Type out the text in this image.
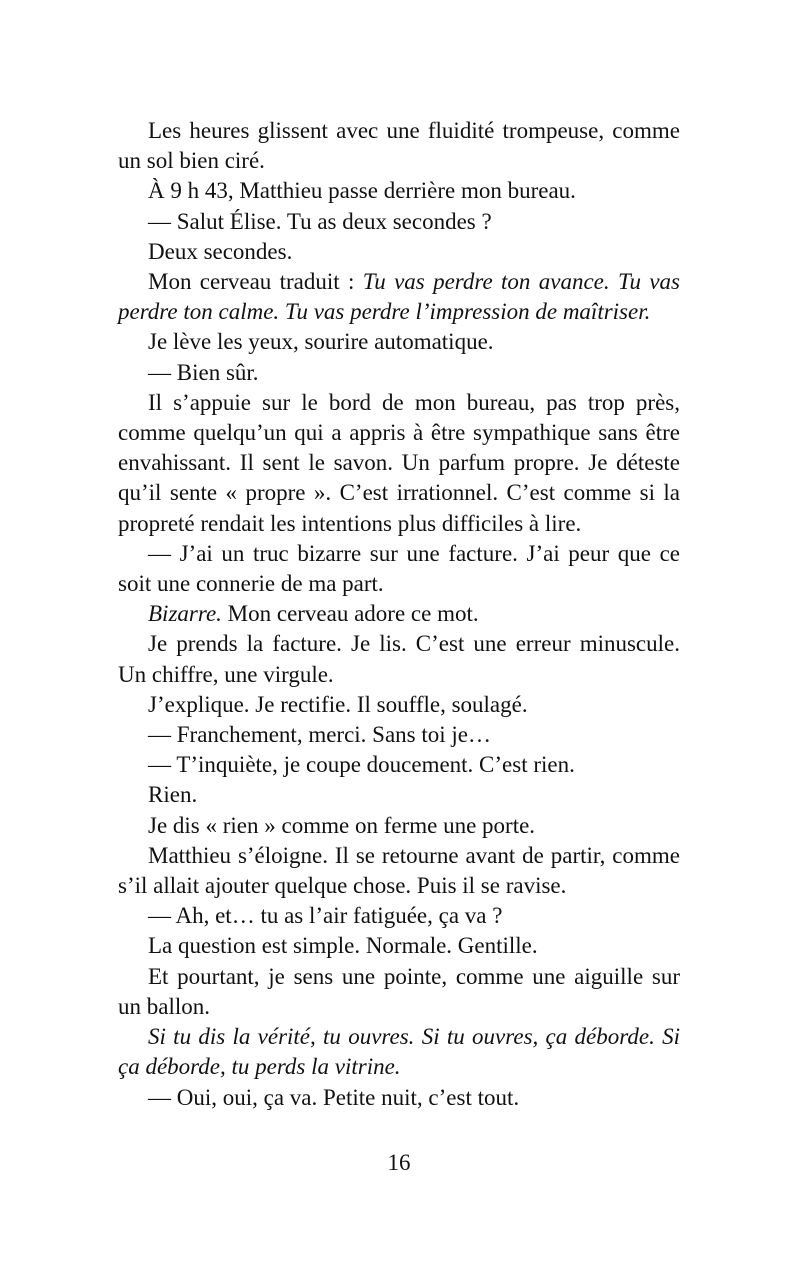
Les heures glissent avec une fluidité trompeuse, comme un sol bien ciré.

À 9 h 43, Matthieu passe derrière mon bureau.

— Salut Élise. Tu as deux secondes ?

Deux secondes.

Mon cerveau traduit : Tu vas perdre ton avance. Tu vas perdre ton calme. Tu vas perdre l’impression de maîtriser.

Je lève les yeux, sourire automatique.

— Bien sûr.

Il s’appuie sur le bord de mon bureau, pas trop près, comme quelqu’un qui a appris à être sympathique sans être envahissant. Il sent le savon. Un parfum propre. Je déteste qu’il sente « propre ». C’est irrationnel. C’est comme si la propreté rendait les intentions plus difficiles à lire.

— J’ai un truc bizarre sur une facture. J’ai peur que ce soit une connerie de ma part.

Bizarre. Mon cerveau adore ce mot.

Je prends la facture. Je lis. C’est une erreur minuscule. Un chiffre, une virgule.

J’explique. Je rectifie. Il souffle, soulagé.

— Franchement, merci. Sans toi je…

— T’inquiète, je coupe doucement. C’est rien.

Rien.

Je dis « rien » comme on ferme une porte.

Matthieu s’éloigne. Il se retourne avant de partir, comme s’il allait ajouter quelque chose. Puis il se ravise.

— Ah, et… tu as l’air fatiguée, ça va ?

La question est simple. Normale. Gentille.

Et pourtant, je sens une pointe, comme une aiguille sur un ballon.

Si tu dis la vérité, tu ouvres. Si tu ouvres, ça déborde. Si ça déborde, tu perds la vitrine.

— Oui, oui, ça va. Petite nuit, c’est tout.

16
